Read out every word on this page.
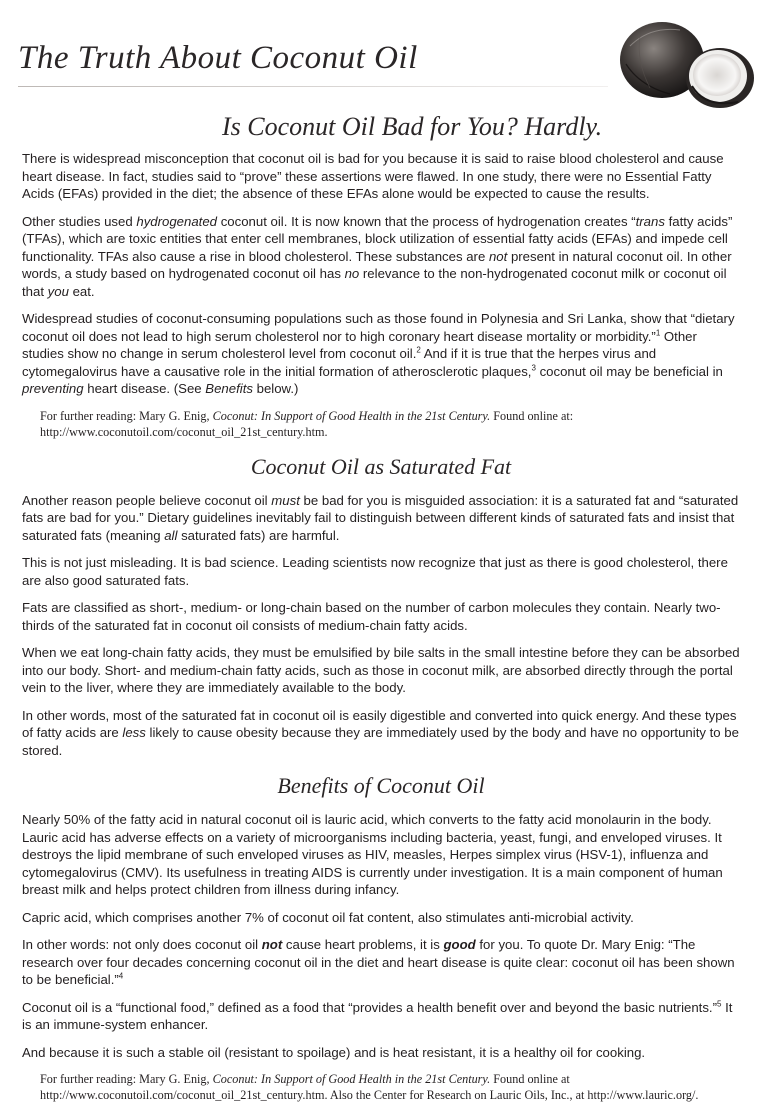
The Truth About Coconut Oil
Is Coconut Oil Bad for You? Hardly.

There is widespread misconception that coconut oil is bad for you because it is said to raise blood cholesterol and cause heart disease. In fact, studies said to “prove” these assertions were flawed. In one study, there were no Essential Fatty Acids (EFAs) provided in the diet; the absence of these EFAs alone would be expected to cause the results.

Other studies used hydrogenated coconut oil. It is now known that the process of hydrogenation creates “trans fatty acids” (TFAs), which are toxic entities that enter cell membranes, block utilization of essential fatty acids (EFAs) and impede cell functionality. TFAs also cause a rise in blood cholesterol. These substances are not present in natural coconut oil. In other words, a study based on hydrogenated coconut oil has no relevance to the non-hydrogenated coconut milk or coconut oil that you eat.

Widespread studies of coconut-consuming populations such as those found in Polynesia and Sri Lanka, show that “dietary coconut oil does not lead to high serum cholesterol nor to high coronary heart disease mortality or morbidity.”$^1$ Other studies show no change in serum cholesterol level from coconut oil.$^2$ And if it is true that the herpes virus and cytomegalovirus have a causative role in the initial formation of atherosclerotic plaques,$^3$ coconut oil may be beneficial in preventing heart disease. (See Benefits below.)

For further reading: Mary G. Enig, Coconut: In Support of Good Health in the 21st Century. Found online at: http://www.coconutoil.com/coconut_oil_21st_century.htm.

Coconut Oil as Saturated Fat

Another reason people believe coconut oil must be bad for you is misguided association: it is a saturated fat and “saturated fats are bad for you.” Dietary guidelines inevitably fail to distinguish between different kinds of saturated fats and insist that saturated fats (meaning all saturated fats) are harmful.

This is not just misleading. It is bad science. Leading scientists now recognize that just as there is good cholesterol, there are also good saturated fats.

Fats are classified as short-, medium- or long-chain based on the number of carbon molecules they contain. Nearly two-thirds of the saturated fat in coconut oil consists of medium-chain fatty acids.

When we eat long-chain fatty acids, they must be emulsified by bile salts in the small intestine before they can be absorbed into our body. Short- and medium-chain fatty acids, such as those in coconut milk, are absorbed directly through the portal vein to the liver, where they are immediately available to the body.

In other words, most of the saturated fat in coconut oil is easily digestible and converted into quick energy. And these types of fatty acids are less likely to cause obesity because they are immediately used by the body and have no opportunity to be stored.

Benefits of Coconut Oil

Nearly 50% of the fatty acid in natural coconut oil is lauric acid, which converts to the fatty acid monolaurin in the body. Lauric acid has adverse effects on a variety of microorganisms including bacteria, yeast, fungi, and enveloped viruses. It destroys the lipid membrane of such enveloped viruses as HIV, measles, Herpes simplex virus (HSV-1), influenza and cytomegalovirus (CMV). Its usefulness in treating AIDS is currently under investigation. It is a main component of human breast milk and helps protect children from illness during infancy.

Capric acid, which comprises another 7% of coconut oil fat content, also stimulates anti-microbial activity.

In other words: not only does coconut oil not cause heart problems, it is good for you. To quote Dr. Mary Enig: “The research over four decades concerning coconut oil in the diet and heart disease is quite clear: coconut oil has been shown to be beneficial.”$^4$

Coconut oil is a “functional food,” defined as a food that “provides a health benefit over and beyond the basic nutrients.”$^5$ It is an immune-system enhancer.

And because it is such a stable oil (resistant to spoilage) and is heat resistant, it is a healthy oil for cooking.

For further reading: Mary G. Enig, Coconut: In Support of Good Health in the 21st Century. Found online at http://www.coconutoil.com/coconut_oil_21st_century.htm. Also the Center for Research on Lauric Oils, Inc., at http://www.lauric.org/.
